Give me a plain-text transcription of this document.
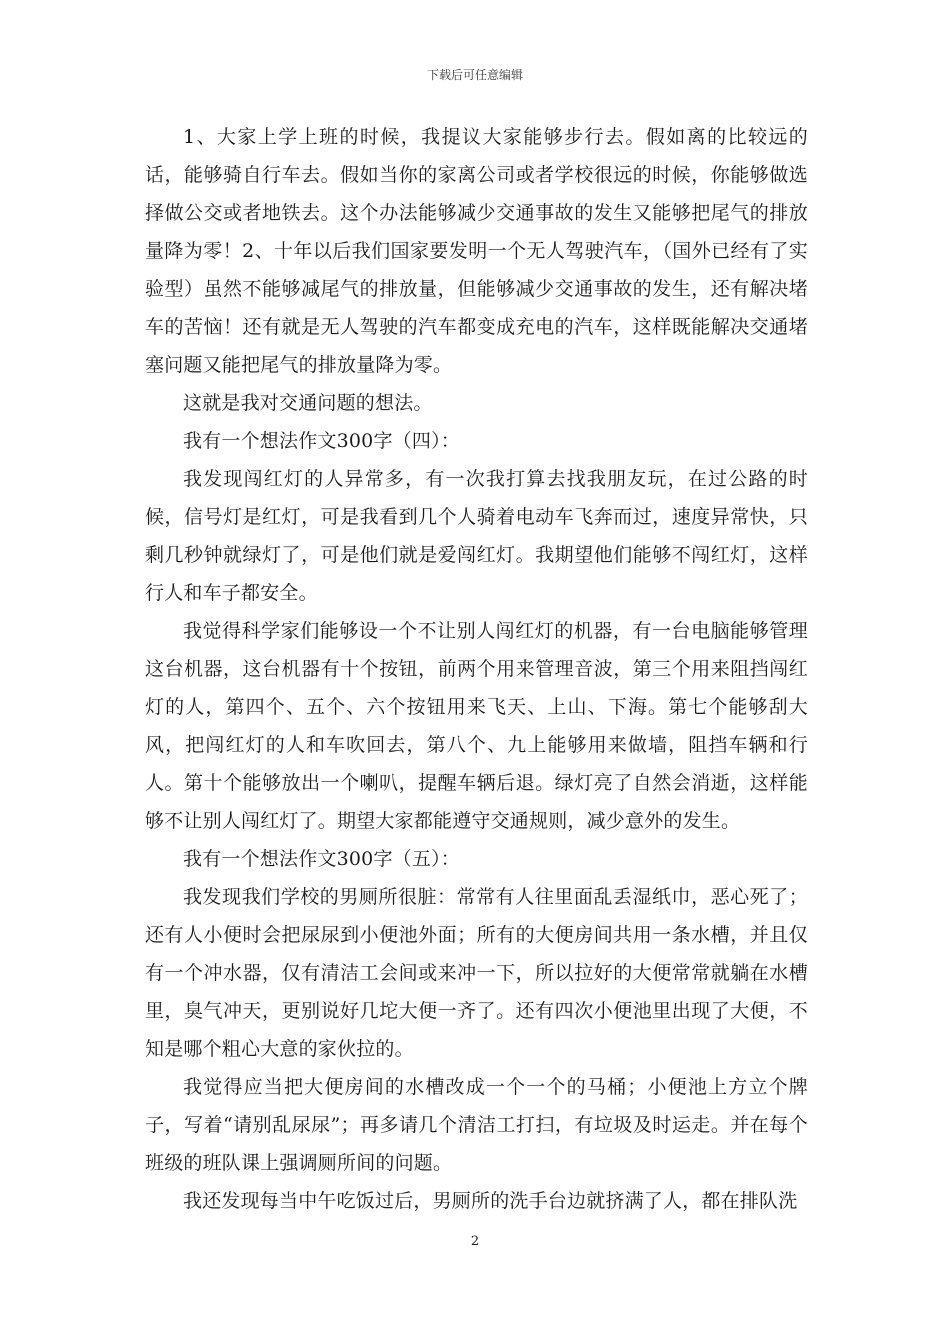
下载后可任意编辑

1、大家上学上班的时候，我提议大家能够步行去。假如离的比较远的话，能够骑自行车去。假如当你的家离公司或者学校很远的时候，你能够做选择做公交或者地铁去。这个办法能够减少交通事故的发生又能够把尾气的排放量降为零！2、十年以后我们国家要发明一个无人驾驶汽车，（国外已经有了实验型）虽然不能够减尾气的排放量，但能够减少交通事故的发生，还有解决堵车的苦恼！还有就是无人驾驶的汽车都变成充电的汽车，这样既能解决交通堵塞问题又能把尾气的排放量降为零。

这就是我对交通问题的想法。

我有一个想法作文300字（四）：

我发现闯红灯的人异常多，有一次我打算去找我朋友玩，在过公路的时候，信号灯是红灯，可是我看到几个人骑着电动车飞奔而过，速度异常快，只剩几秒钟就绿灯了，可是他们就是爱闯红灯。我期望他们能够不闯红灯，这样行人和车子都安全。

我觉得科学家们能够设一个不让别人闯红灯的机器，有一台电脑能够管理这台机器，这台机器有十个按钮，前两个用来管理音波，第三个用来阻挡闯红灯的人，第四个、五个、六个按钮用来飞天、上山、下海。第七个能够刮大风，把闯红灯的人和车吹回去，第八个、九上能够用来做墙，阻挡车辆和行人。第十个能够放出一个喇叭，提醒车辆后退。绿灯亮了自然会消逝，这样能够不让别人闯红灯了。期望大家都能遵守交通规则，减少意外的发生。

我有一个想法作文300字（五）：

我发现我们学校的男厕所很脏：常常有人往里面乱丢湿纸巾，恶心死了；还有人小便时会把尿尿到小便池外面；所有的大便房间共用一条水槽，并且仅有一个冲水器，仅有清洁工会间或来冲一下，所以拉好的大便常常就躺在水槽里，臭气冲天，更别说好几坨大便一齐了。还有四次小便池里出现了大便，不知是哪个粗心大意的家伙拉的。

我觉得应当把大便房间的水槽改成一个一个的马桶；小便池上方立个牌子，写着“请别乱尿尿”；再多请几个清洁工打扫，有垃圾及时运走。并在每个班级的班队课上强调厕所间的问题。

我还发现每当中午吃饭过后，男厕所的洗手台边就挤满了人，都在排队洗

2
